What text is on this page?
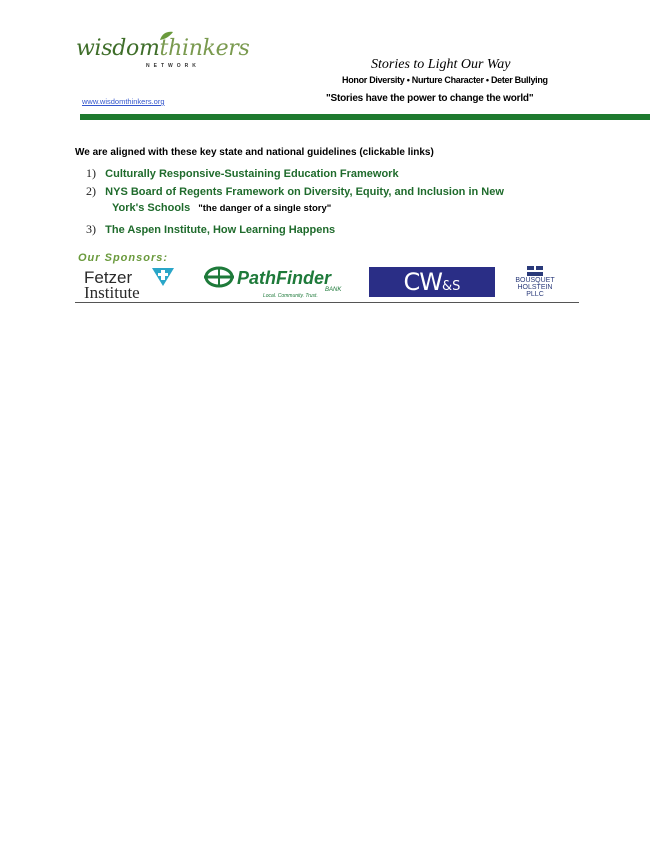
wisdomthinkers
NETWORK
www.wisdomthinkers.org
Stories to Light Our Way
Honor Diversity • Nurture Character • Deter Bullying
"Stories have the power to change the world"
We are aligned with these key state and national guidelines (clickable links)
1) Culturally Responsive-Sustaining Education Framework
2) NYS Board of Regents Framework on Diversity, Equity, and Inclusion in New
York's Schools "the danger of a single story"
3) The Aspen Institute, How Learning Happens
Our Sponsors:
Fetzer
Institute
PathFinder
BANK
Local. Community. Trust.	CW&S	BOUSQUET
HOLSTEIN
PLLC
